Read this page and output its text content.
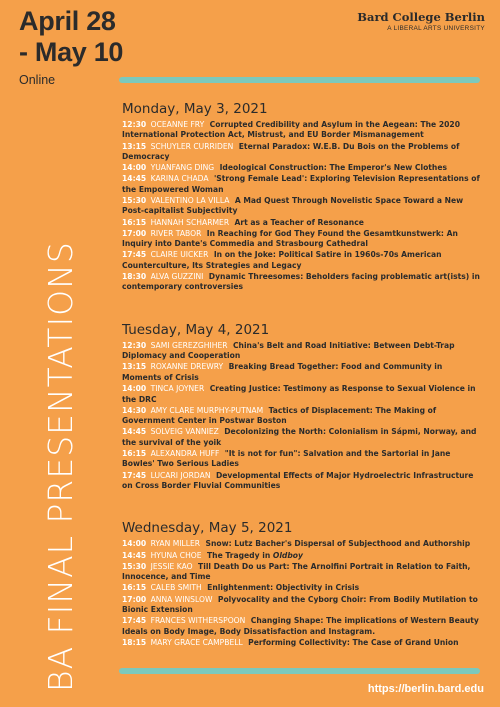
April 28
- May 10
Online
Bard College Berlin
A LIBERAL ARTS UNIVERSITY
BA FINAL PRESENTATIONS
Monday, May 3, 2021
12:30 OCEANNE FRY Corrupted Credibility and Asylum in the Aegean: The 2020 International Protection Act, Mistrust, and EU Border Mismanagement
13:15 SCHUYLER CURRIDEN Eternal Paradox: W.E.B. Du Bois on the Problems of Democracy
14:00 YUANFANG DING Ideological Construction: The Emperor's New Clothes
14:45 KARINA CHADA 'Strong Female Lead': Exploring Television Representations of the Empowered Woman
15:30 VALENTINO LA VILLA A Mad Quest Through Novelistic Space Toward a New Post-capitalist Subjectivity
16:15 HANNAH SCHARMER Art as a Teacher of Resonance
17:00 RIVER TABOR In Reaching for God They Found the Gesamtkunstwerk: An Inquiry into Dante's Commedia and Strasbourg Cathedral
17:45 CLAIRE UICKER In on the Joke: Political Satire in 1960s-70s American Counterculture, Its Strategies and Legacy
18:30 ALVA GUZZINI Dynamic Threesomes: Beholders facing problematic art(ists) in contemporary controversies
Tuesday, May 4, 2021
12:30 SAMI GEREZGHIHER China's Belt and Road Initiative: Between Debt-Trap Diplomacy and Cooperation
13:15 ROXANNE DREWRY Breaking Bread Together: Food and Community in Moments of Crisis
14:00 TINCA JOYNER Creating Justice: Testimony as Response to Sexual Violence in the DRC
14:30 AMY CLARE MURPHY-PUTNAM Tactics of Displacement: The Making of Government Center in Postwar Boston
14:45 SOLVEIG VANNIEZ Decolonizing the North: Colonialism in Sápmi, Norway, and the survival of the yoik
16:15 ALEXANDRA HUFF "It is not for fun": Salvation and the Sartorial in Jane Bowles' Two Serious Ladies
17:45 LUCARI JORDAN Developmental Effects of Major Hydroelectric Infrastructure on Cross Border Fluvial Communities
Wednesday, May 5, 2021
14:00 RYAN MILLER Snow: Lutz Bacher's Dispersal of Subjecthood and Authorship
14:45 HYUNA CHOE The Tragedy in Oldboy
15:30 JESSIE KAO Till Death Do us Part: The Arnolfini Portrait in Relation to Faith, Innocence, and Time
16:15 CALEB SMITH Enlightenment: Objectivity in Crisis
17:00 ANNA WINSLOW Polyvocality and the Cyborg Choir: From Bodily Mutilation to Bionic Extension
17:45 FRANCES WITHERSPOON Changing Shape: The implications of Western Beauty Ideals on Body Image, Body Dissatisfaction and Instagram.
18:15 MARY GRACE CAMPBELL Performing Collectivity: The Case of Grand Union
https://berlin.bard.edu
